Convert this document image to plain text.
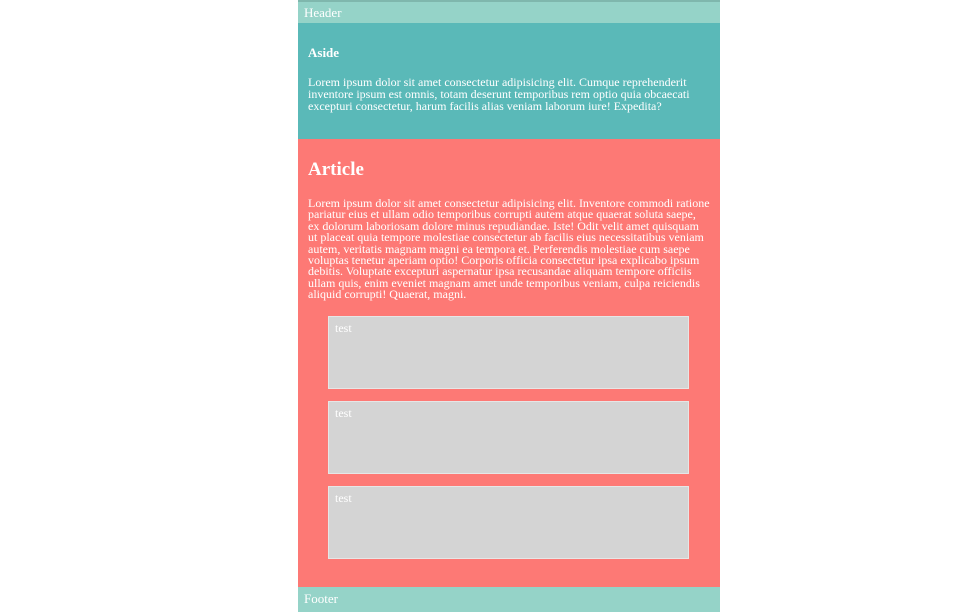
Header
Aside

Lorem ipsum dolor sit amet consectetur adipisicing elit. Cumque reprehenderit inventore ipsum est omnis, totam deserunt temporibus rem optio quia obcaecati excepturi consectetur, harum facilis alias veniam laborum iure! Expedita?

Article

Lorem ipsum dolor sit amet consectetur adipisicing elit. Inventore commodi ratione pariatur eius et ullam odio temporibus corrupti autem atque quaerat soluta saepe, ex dolorum laboriosam dolore minus repudiandae. Iste! Odit velit amet quisquam ut placeat quia tempore molestiae consectetur ab facilis eius necessitatibus veniam autem, veritatis magnam magni ea tempora et. Perferendis molestiae cum saepe voluptas tenetur aperiam optio! Corporis officia consectetur ipsa explicabo ipsum debitis. Voluptate excepturi aspernatur ipsa recusandae aliquam tempore officiis ullam quis, enim eveniet magnam amet unde temporibus veniam, culpa reiciendis aliquid corrupti! Quaerat, magni.

test
test
test
Footer
